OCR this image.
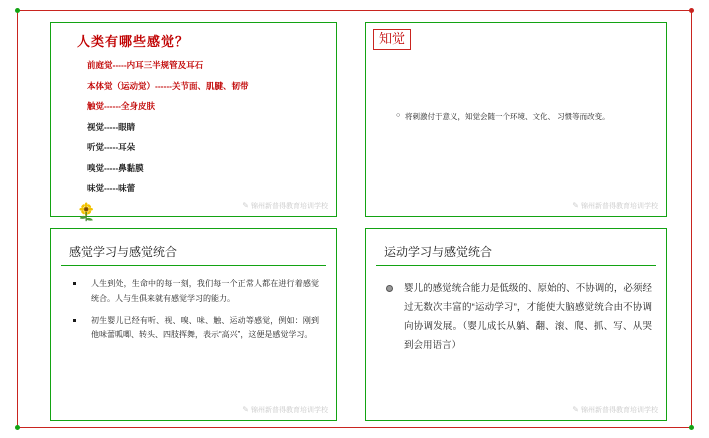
人类有哪些感觉？
前庭觉-----内耳三半规管及耳石
本体觉（运动觉）------关节面、肌腱、韧带
触觉------全身皮肤
视觉-----眼睛
听觉-----耳朵
嗅觉-----鼻黏膜
味觉-----味蕾
✎ 锦州新普得教育培训学校
知觉
○ 将刺激付于意义，知觉会随一个环境、文化、 习惯等而改变。
✎ 锦州新普得教育培训学校
感觉学习与感觉统合
人生到处，生命中的每一刻，我们每一个正常人都在进行着感觉统合。人与生俱来就有感觉学习的能力。
初生婴儿已经有听、视、嗅、味、触、运动等感觉，例如：刚到他味蕾呱唧、转头、四肢挥舞，表示“高兴”，这便是感觉学习。
✎ 锦州新普得教育培训学校
运动学习与感觉统合
婴儿的感觉统合能力是低级的、原始的、不协调的，必须经过无数次丰富的“运动学习”，才能使大脑感觉统合由不协调向协调发展。（婴儿成长从躺、翻、滚、爬、抓、写、从哭到会用语言）
✎ 锦州新普得教育培训学校
